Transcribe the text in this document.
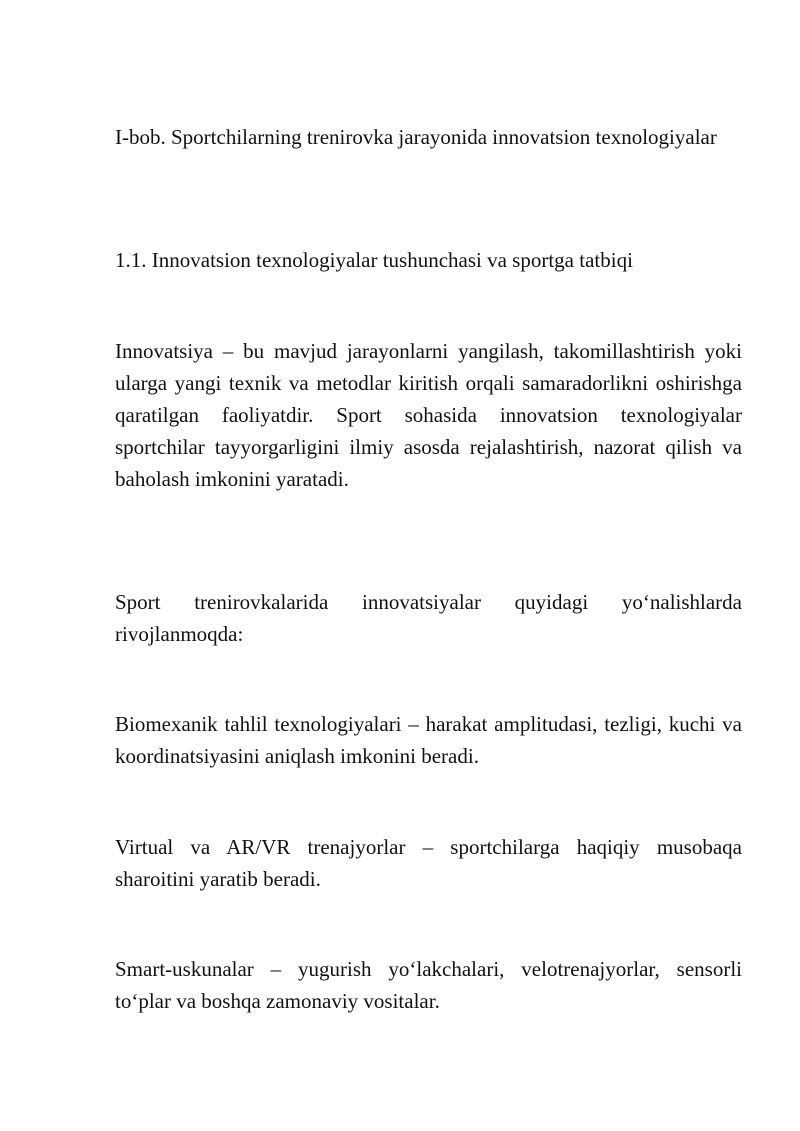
I-bob. Sportchilarning trenirovka jarayonida innovatsion texnologiyalar
1.1. Innovatsion texnologiyalar tushunchasi va sportga tatbiqi
Innovatsiya – bu mavjud jarayonlarni yangilash, takomillashtirish yoki ularga yangi texnik va metodlar kiritish orqali samaradorlikni oshirishga qaratilgan faoliyatdir. Sport sohasida innovatsion texnologiyalar sportchilar tayyorgarligini ilmiy asosda rejalashtirish, nazorat qilish va baholash imkonini yaratadi.
Sport trenirovkalarida innovatsiyalar quyidagi yo‘nalishlarda rivojlanmoqda:
Biomexanik tahlil texnologiyalari – harakat amplitudasi, tezligi, kuchi va koordinatsiyasini aniqlash imkonini beradi.
Virtual va AR/VR trenajyorlar – sportchilarga haqiqiy musobaqa sharoitini yaratib beradi.
Smart-uskunalar – yugurish yo‘lakchalari, velotrenajyorlar, sensorli to‘plar va boshqa zamonaviy vositalar.
